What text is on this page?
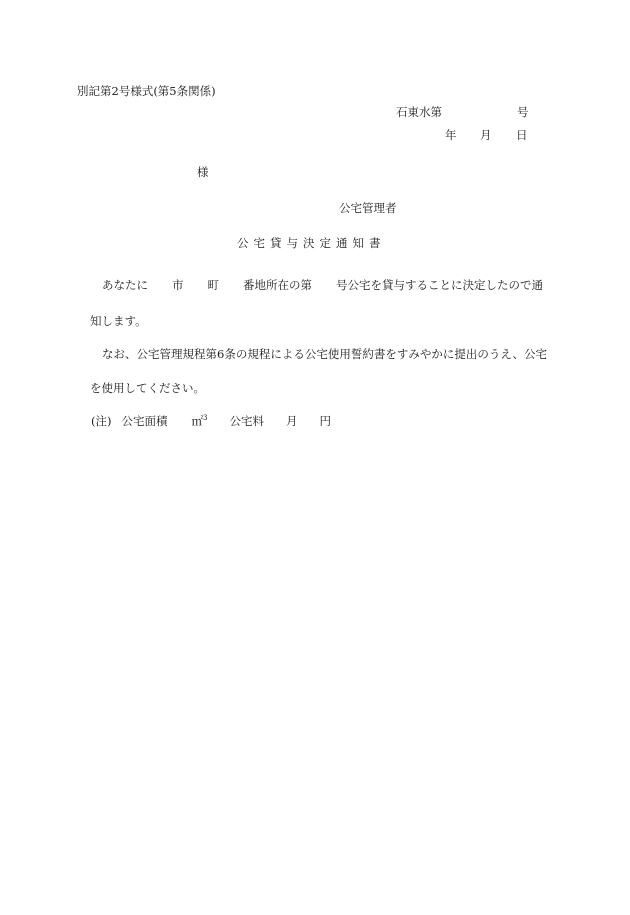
別記第2号様式(第5条関係)
石東水第	号
年 月 日
様
公宅管理者
公宅貸与決定通知書
あなたに 市 町 番地所在の第 号公宅を貸与することに決定したので通
知します。
なお、公宅管理規程第6条の規程による公宅使用誓約書をすみやかに提出のうえ、公宅
を使用してください。
(注) 公宅面積 ㎡$^3$ 公宅料 月 円
